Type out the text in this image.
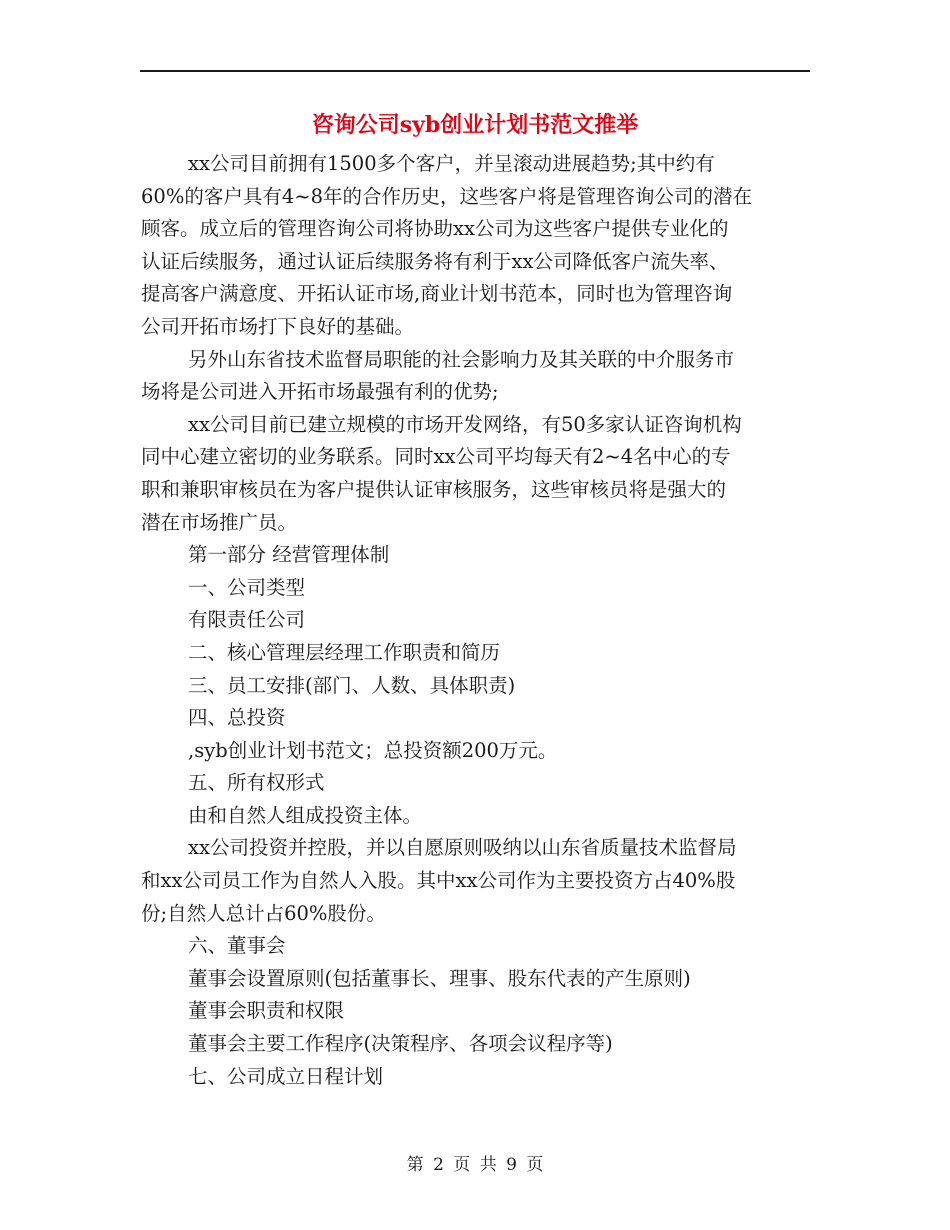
咨询公司syb创业计划书范文推举
xx公司目前拥有1500多个客户，并呈滚动进展趋势;其中约有
60%的客户具有4~8年的合作历史，这些客户将是管理咨询公司的潜在
顾客。成立后的管理咨询公司将协助xx公司为这些客户提供专业化的
认证后续服务，通过认证后续服务将有利于xx公司降低客户流失率、
提高客户满意度、开拓认证市场,商业计划书范本，同时也为管理咨询
公司开拓市场打下良好的基础。
另外山东省技术监督局职能的社会影响力及其关联的中介服务市
场将是公司进入开拓市场最强有利的优势;
xx公司目前已建立规模的市场开发网络，有50多家认证咨询机构
同中心建立密切的业务联系。同时xx公司平均每天有2~4名中心的专
职和兼职审核员在为客户提供认证审核服务，这些审核员将是强大的
潜在市场推广员。
第一部分 经营管理体制
一、公司类型
有限责任公司
二、核心管理层经理工作职责和简历
三、员工安排(部门、人数、具体职责)
四、总投资
,syb创业计划书范文；总投资额200万元。
五、所有权形式
由和自然人组成投资主体。
xx公司投资并控股，并以自愿原则吸纳以山东省质量技术监督局
和xx公司员工作为自然人入股。其中xx公司作为主要投资方占40%股
份;自然人总计占60%股份。
六、董事会
董事会设置原则(包括董事长、理事、股东代表的产生原则)
董事会职责和权限
董事会主要工作程序(决策程序、各项会议程序等)
七、公司成立日程计划
第 2 页 共 9 页
